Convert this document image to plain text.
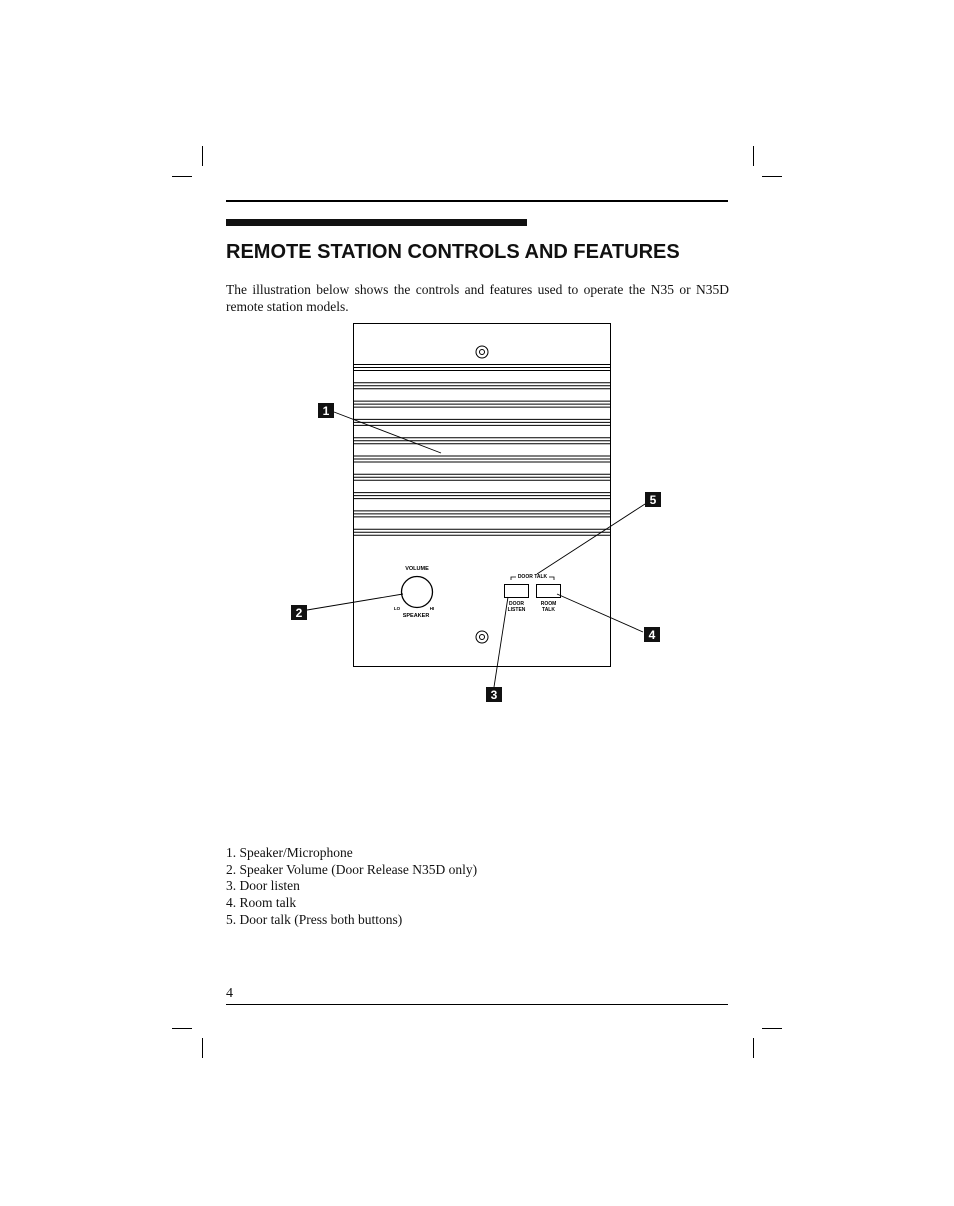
REMOTE STATION CONTROLS AND FEATURES
The illustration below shows the controls and features used to operate the N35 or N35D remote station models.
VOLUME
LO	HI
SPEAKER
DOOR TALK
DOOR
LISTEN
ROOM
TALK
1
2
3
4
5
1. Speaker/Microphone
2. Speaker Volume (Door Release N35D only)
3. Door listen
4. Room talk
5. Door talk (Press both buttons)
4
